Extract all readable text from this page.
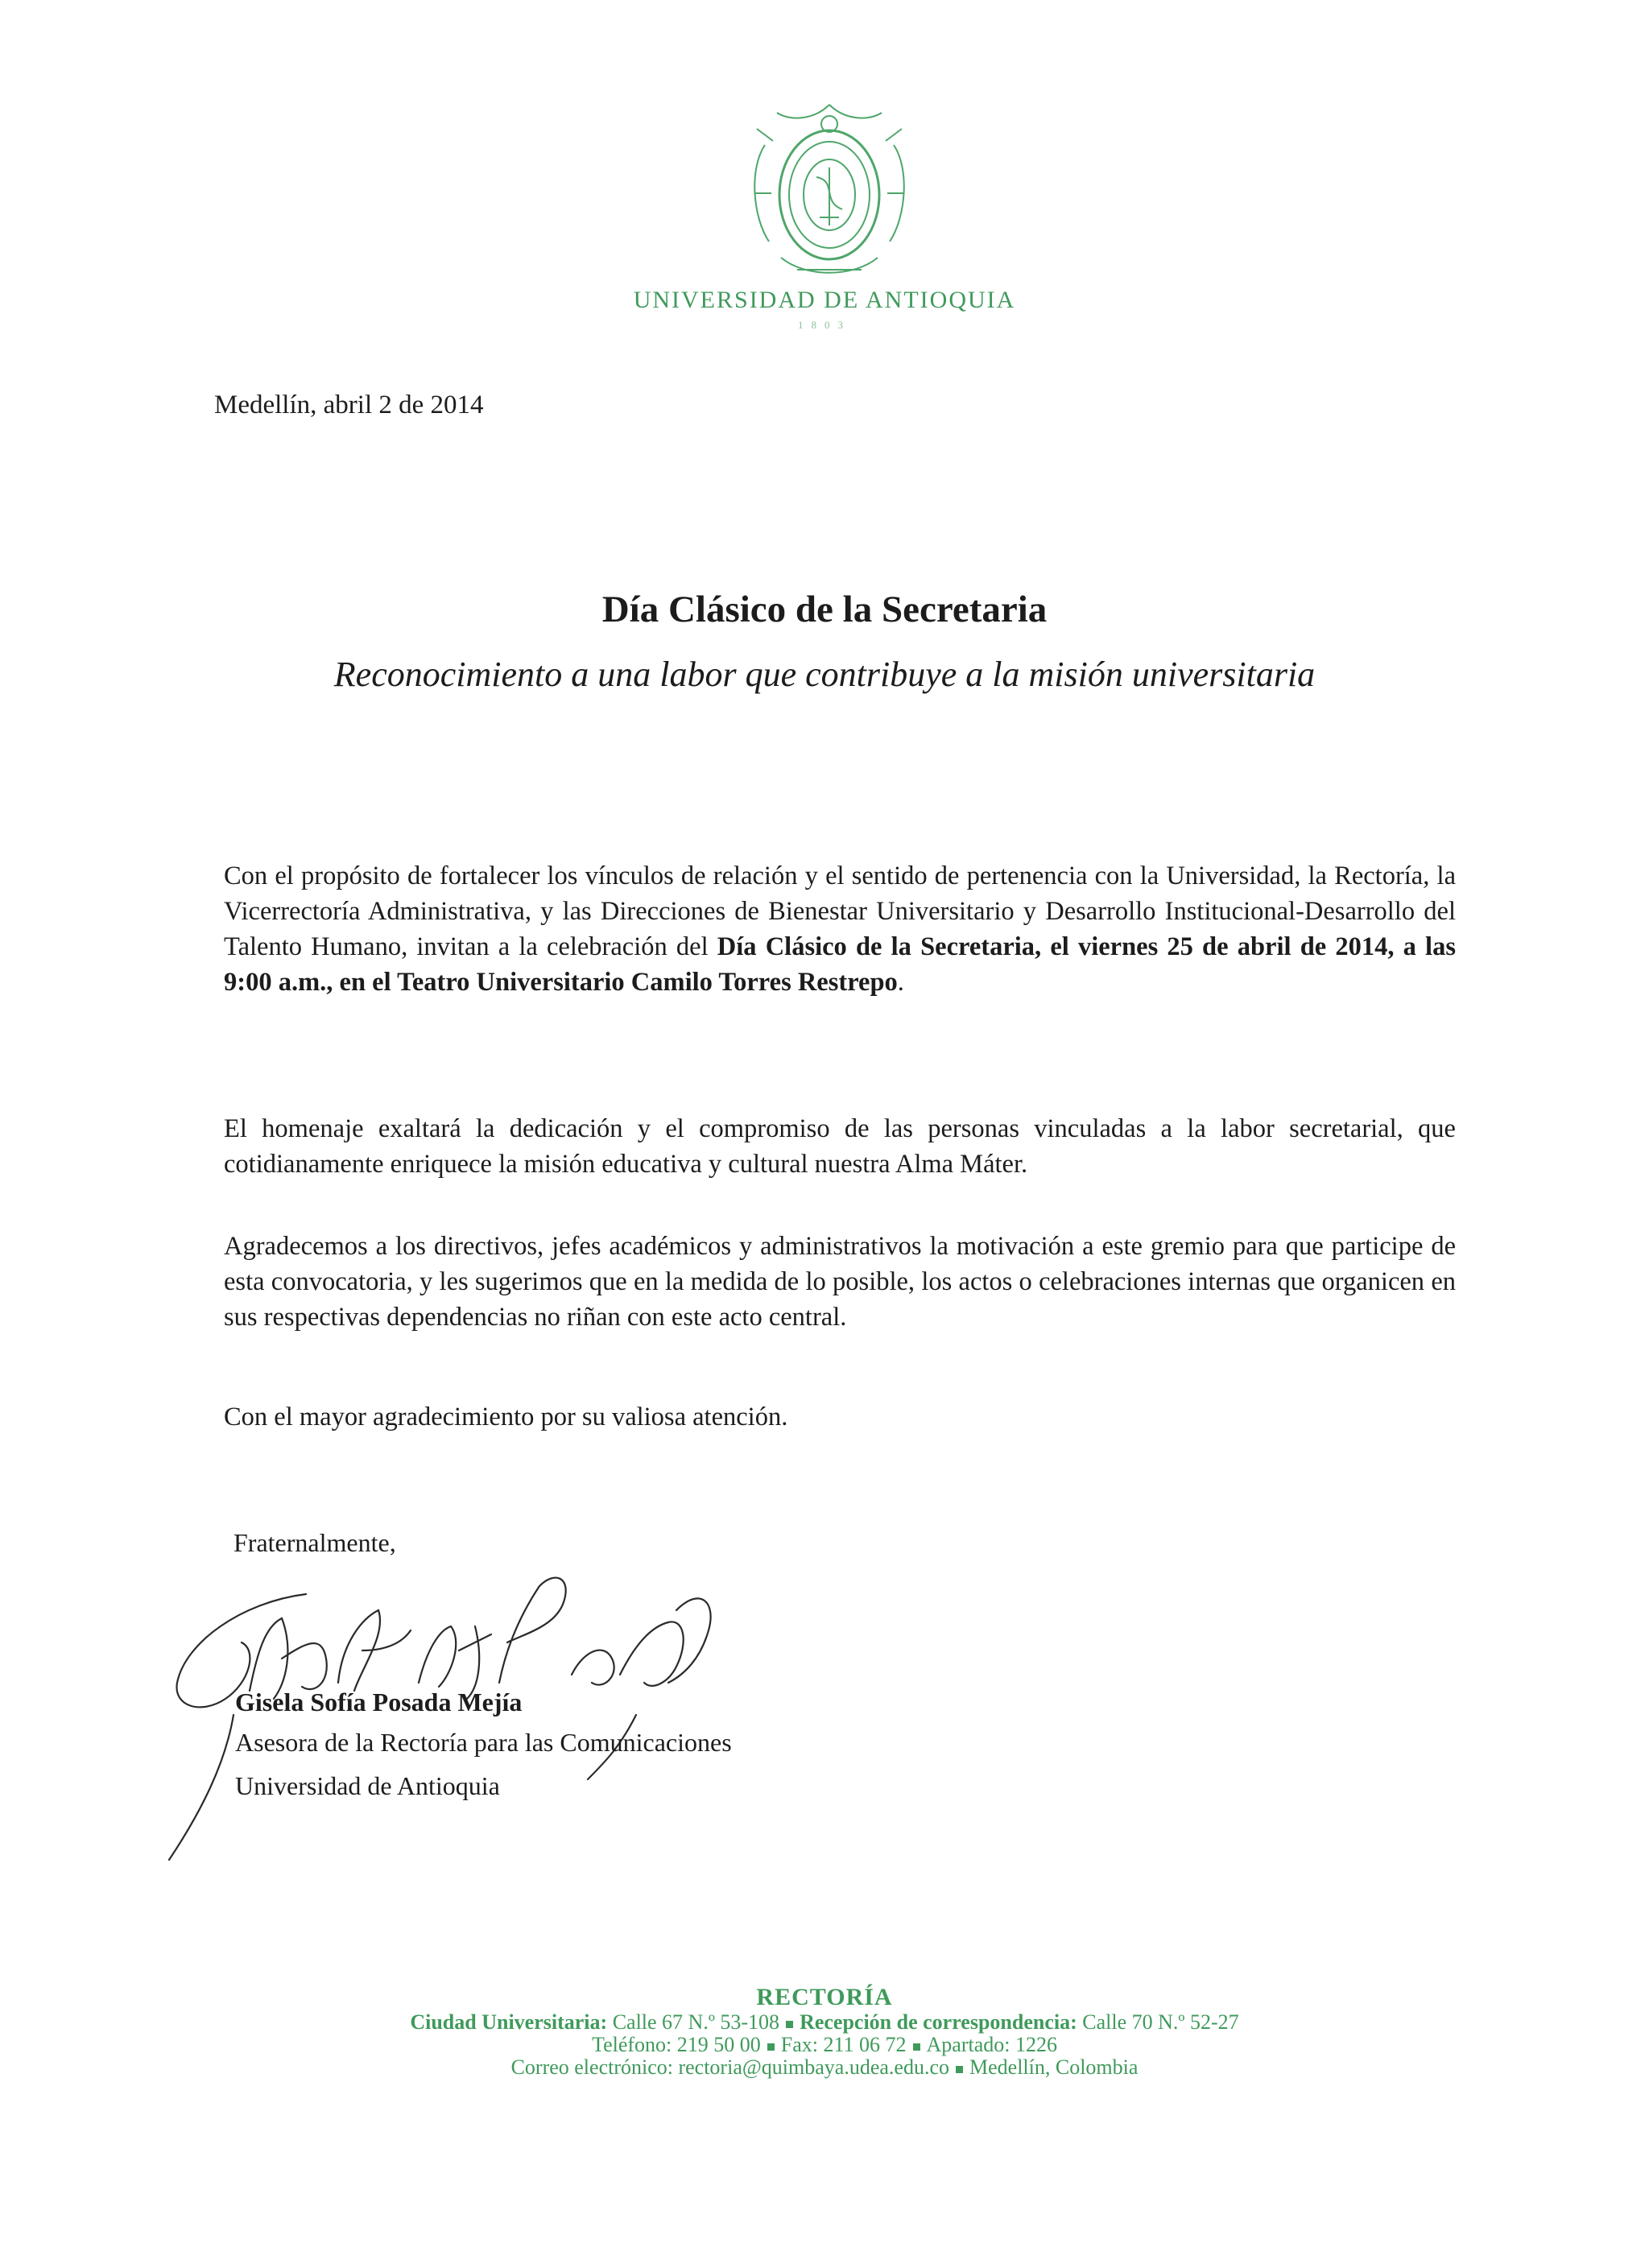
UNIVERSIDAD DE ANTIOQUIA
1803
Medellín, abril 2 de 2014
Día Clásico de la Secretaria
Reconocimiento a una labor que contribuye a la misión universitaria
Con el propósito de fortalecer los vínculos de relación y el sentido de pertenencia con la Universidad, la Rectoría, la Vicerrectoría Administrativa, y las Direcciones de Bienestar Universitario y Desarrollo Institucional-Desarrollo del Talento Humano, invitan a la celebración del Día Clásico de la Secretaria, el viernes 25 de abril de 2014, a las 9:00 a.m., en el Teatro Universitario Camilo Torres Restrepo.
El homenaje exaltará la dedicación y el compromiso de las personas vinculadas a la labor secretarial, que cotidianamente enriquece la misión educativa y cultural nuestra Alma Máter.
Agradecemos a los directivos, jefes académicos y administrativos la motivación a este gremio para que participe de esta convocatoria, y les sugerimos que en la medida de lo posible, los actos o celebraciones internas que organicen en sus respectivas dependencias no riñan con este acto central.
Con el mayor agradecimiento por su valiosa atención.
Fraternalmente,
Gisela Sofía Posada Mejía
Asesora de la Rectoría para las Comunicaciones
Universidad de Antioquia
RECTORÍA
Ciudad Universitaria: Calle 67 N.º 53-108 Recepción de correspondencia: Calle 70 N.º 52-27
Teléfono: 219 50 00 Fax: 211 06 72 Apartado: 1226
Correo electrónico: rectoria@quimbaya.udea.edu.co Medellín, Colombia
